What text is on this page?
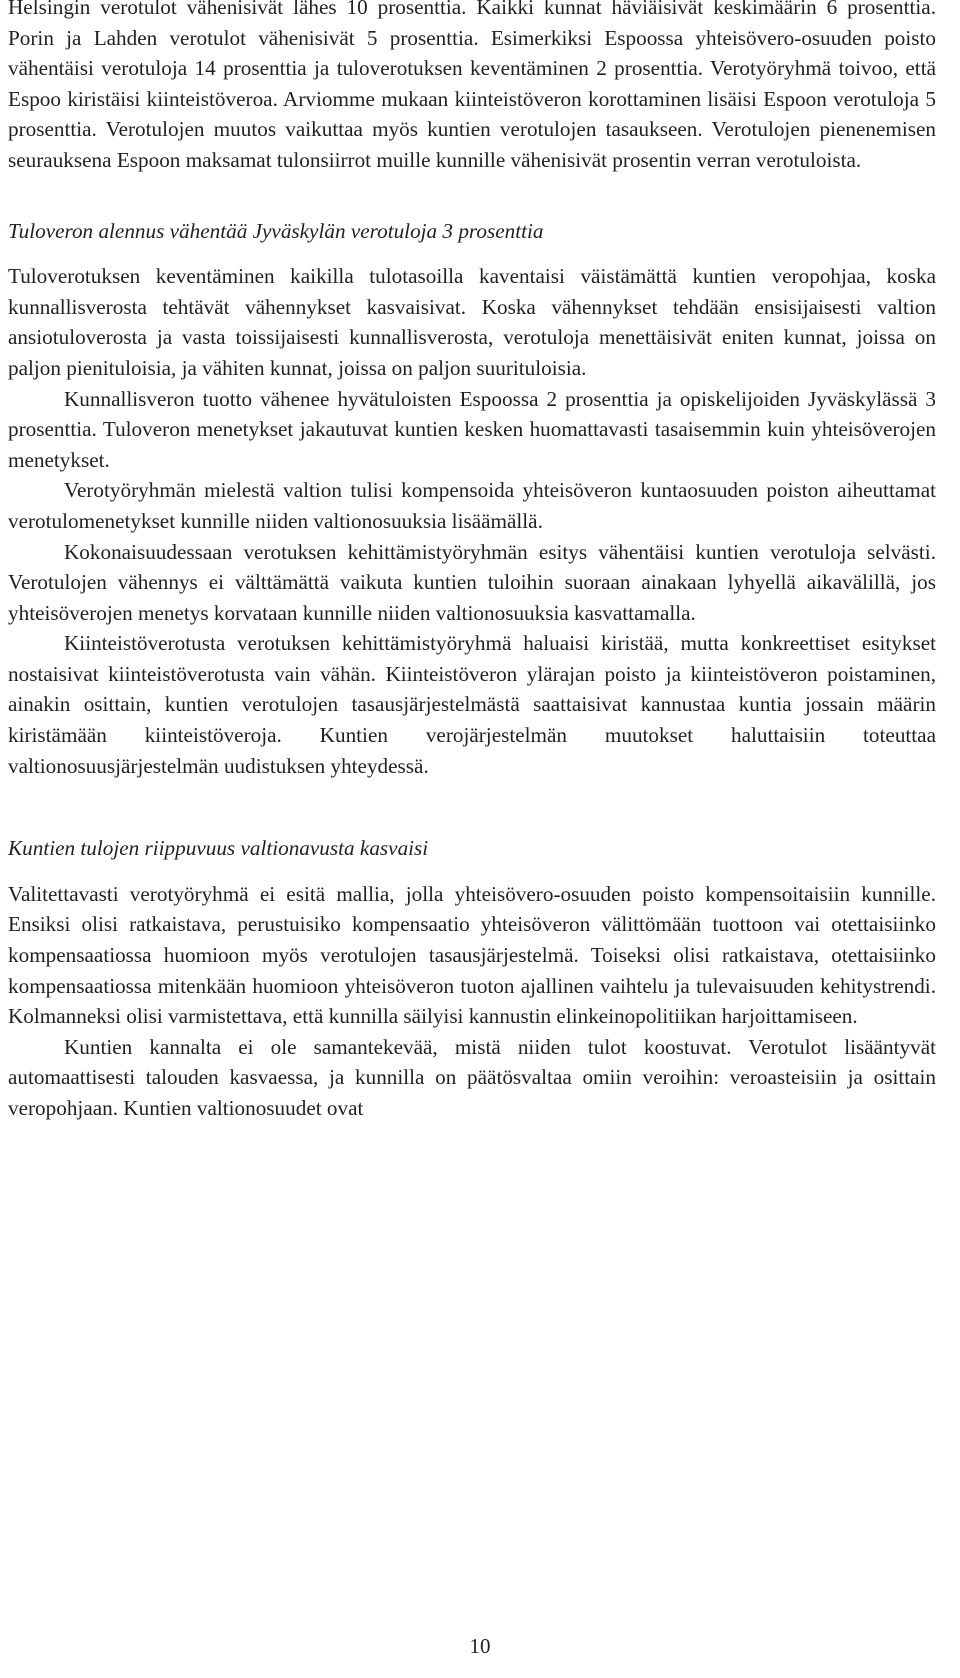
Helsingin verotulot vähenisivät lähes 10 prosenttia. Kaikki kunnat häviäisivät keskimäärin 6 prosenttia. Porin ja Lahden verotulot vähenisivät 5 prosenttia. Esimerkiksi Espoossa yhteisövero-osuuden poisto vähentäisi verotuloja 14 prosenttia ja tuloverotuksen keventäminen 2 prosenttia. Verotyöryhmä toivoo, että Espoo kiristäisi kiinteistöveroa. Arviomme mukaan kiinteistöveron korottaminen lisäisi Espoon verotuloja 5 prosenttia. Verotulojen muutos vaikuttaa myös kuntien verotulojen tasaukseen. Verotulojen pienenemisen seurauksena Espoon maksamat tulonsiirrot muille kunnille vähenisivät prosentin verran verotuloista.

Tuloveron alennus vähentää Jyväskylän verotuloja 3 prosenttia

Tuloverotuksen keventäminen kaikilla tulotasoilla kaventaisi väistämättä kuntien veropohjaa, koska kunnallisverosta tehtävät vähennykset kasvaisivat. Koska vähennykset tehdään ensisijaisesti valtion ansiotuloverosta ja vasta toissijaisesti kunnallisverosta, verotuloja menettäisivät eniten kunnat, joissa on paljon pienituloisia, ja vähiten kunnat, joissa on paljon suurituloisia.

Kunnallisveron tuotto vähenee hyvätuloisten Espoossa 2 prosenttia ja opiskelijoiden Jyväskylässä 3 prosenttia. Tuloveron menetykset jakautuvat kuntien kesken huomattavasti tasaisemmin kuin yhteisöverojen menetykset.

Verotyöryhmän mielestä valtion tulisi kompensoida yhteisöveron kuntaosuuden poiston aiheuttamat verotulomenetykset kunnille niiden valtionosuuksia lisäämällä.

Kokonaisuudessaan verotuksen kehittämistyöryhmän esitys vähentäisi kuntien verotuloja selvästi. Verotulojen vähennys ei välttämättä vaikuta kuntien tuloihin suoraan ainakaan lyhyellä aikavälillä, jos yhteisöverojen menetys korvataan kunnille niiden valtionosuuksia kasvattamalla.

Kiinteistöverotusta verotuksen kehittämistyöryhmä haluaisi kiristää, mutta konkreettiset esitykset nostaisivat kiinteistöverotusta vain vähän. Kiinteistöveron ylärajan poisto ja kiinteistöveron poistaminen, ainakin osittain, kuntien verotulojen tasausjärjestelmästä saattaisivat kannustaa kuntia jossain määrin kiristämään kiinteistöveroja. Kuntien verojärjestelmän muutokset haluttaisiin toteuttaa valtionosuusjärjestelmän uudistuksen yhteydessä.

Kuntien tulojen riippuvuus valtionavusta kasvaisi

Valitettavasti verotyöryhmä ei esitä mallia, jolla yhteisövero-osuuden poisto kompensoitaisiin kunnille. Ensiksi olisi ratkaistava, perustuisiko kompensaatio yhteisöveron välittömään tuottoon vai otettaisiinko kompensaatiossa huomioon myös verotulojen tasausjärjestelmä. Toiseksi olisi ratkaistava, otettaisiinko kompensaatiossa mitenkään huomioon yhteisöveron tuoton ajallinen vaihtelu ja tulevaisuuden kehitystrendi. Kolmanneksi olisi varmistettava, että kunnilla säilyisi kannustin elinkeinopolitiikan harjoittamiseen.

Kuntien kannalta ei ole samantekevää, mistä niiden tulot koostuvat. Verotulot lisääntyvät automaattisesti talouden kasvaessa, ja kunnilla on päätösvaltaa omiin veroihin: veroasteisiin ja osittain veropohjaan. Kuntien valtionosuudet ovat

10
